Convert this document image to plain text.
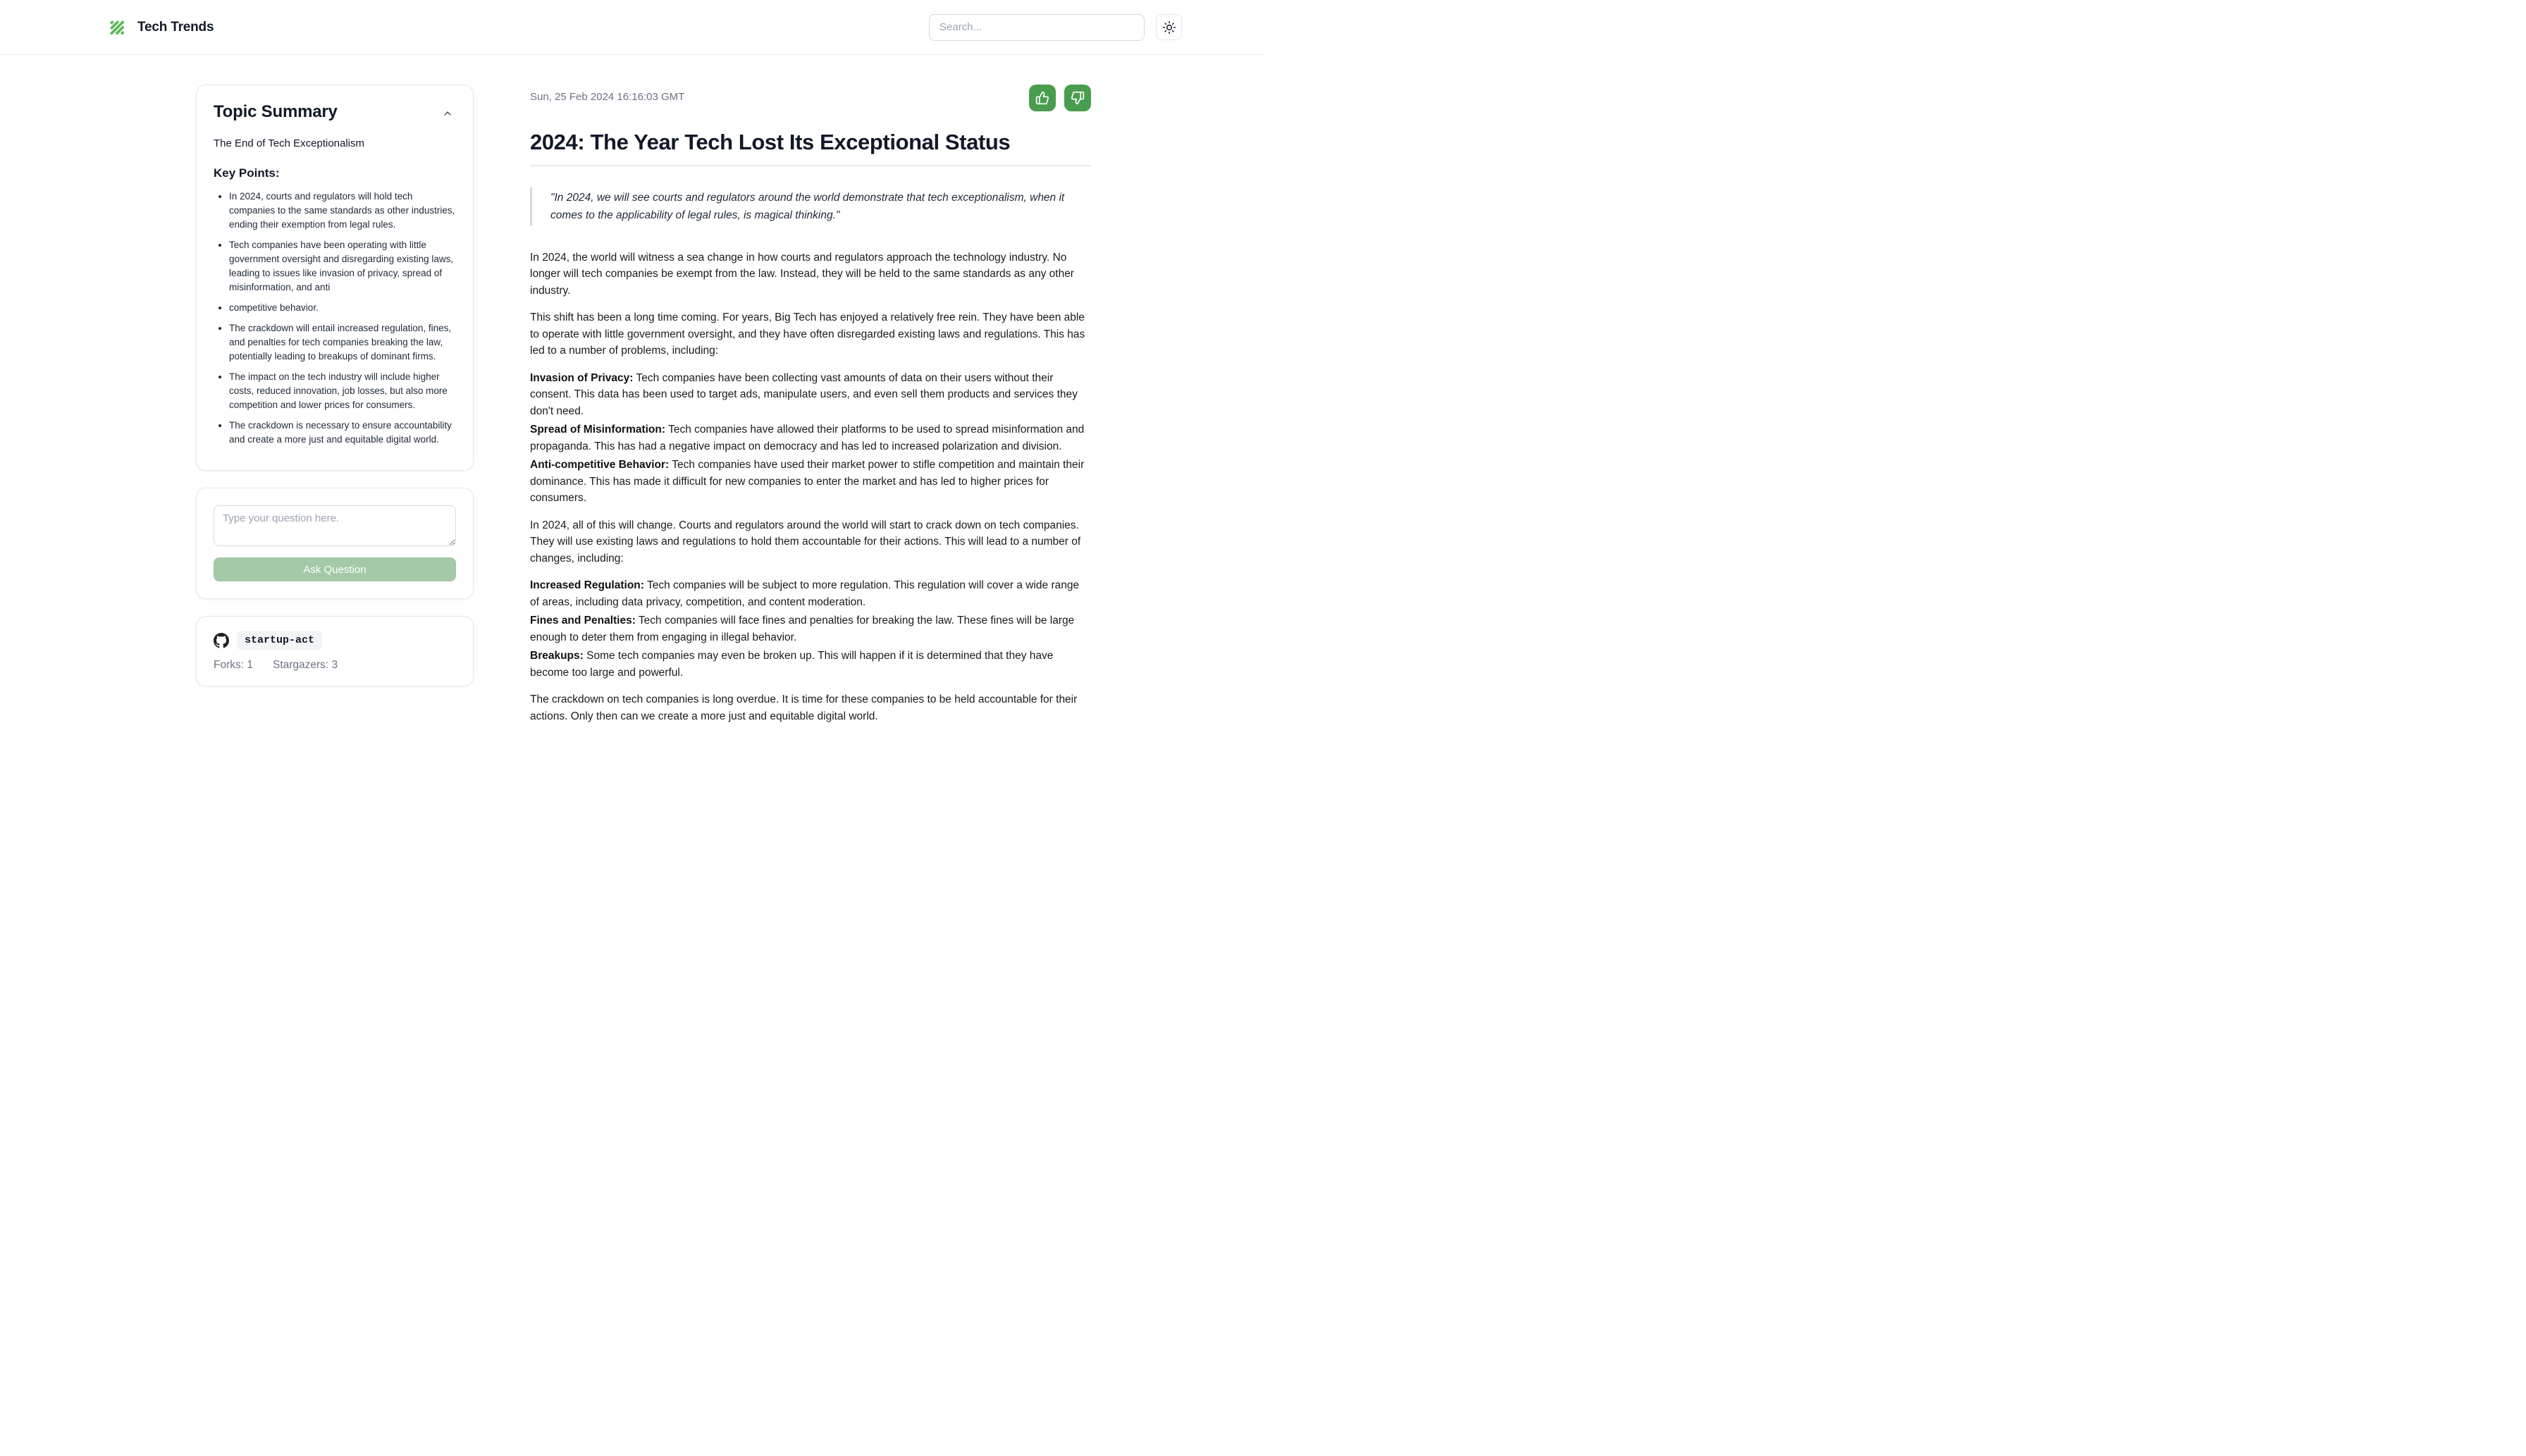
Tech Trends
Search...
Topic Summary
The End of Tech Exceptionalism
Key Points:
• In 2024, courts and regulators will hold tech companies to the same standards as other industries, ending their exemption from legal rules.
• Tech companies have been operating with little government oversight and disregarding existing laws, leading to issues like invasion of privacy, spread of misinformation, and anti
• competitive behavior.
• The crackdown will entail increased regulation, fines, and penalties for tech companies breaking the law, potentially leading to breakups of dominant firms.
• The impact on the tech industry will include higher costs, reduced innovation, job losses, but also more competition and lower prices for consumers.
• The crackdown is necessary to ensure accountability and create a more just and equitable digital world.
Type your question here. Ask Question
startup-act
Forks: 1 Stargazers: 3
Sun, 25 Feb 2024 16:16:03 GMT
2024: The Year Tech Lost Its Exceptional Status
"In 2024, we will see courts and regulators around the world demonstrate that tech exceptionalism, when it comes to the applicability of legal rules, is magical thinking."

In 2024, the world will witness a sea change in how courts and regulators approach the technology industry. No longer will tech companies be exempt from the law. Instead, they will be held to the same standards as any other industry.

This shift has been a long time coming. For years, Big Tech has enjoyed a relatively free rein. They have been able to operate with little government oversight, and they have often disregarded existing laws and regulations. This has led to a number of problems, including:

Invasion of Privacy: Tech companies have been collecting vast amounts of data on their users without their consent. This data has been used to target ads, manipulate users, and even sell them products and services they don't need.

Spread of Misinformation: Tech companies have allowed their platforms to be used to spread misinformation and propaganda. This has had a negative impact on democracy and has led to increased polarization and division.

Anti-competitive Behavior: Tech companies have used their market power to stifle competition and maintain their dominance. This has made it difficult for new companies to enter the market and has led to higher prices for consumers.

In 2024, all of this will change. Courts and regulators around the world will start to crack down on tech companies. They will use existing laws and regulations to hold them accountable for their actions. This will lead to a number of changes, including:

Increased Regulation: Tech companies will be subject to more regulation. This regulation will cover a wide range of areas, including data privacy, competition, and content moderation.

Fines and Penalties: Tech companies will face fines and penalties for breaking the law. These fines will be large enough to deter them from engaging in illegal behavior.

Breakups: Some tech companies may even be broken up. This will happen if it is determined that they have become too large and powerful.

The crackdown on tech companies is long overdue. It is time for these companies to be held accountable for their actions. Only then can we create a more just and equitable digital world.
